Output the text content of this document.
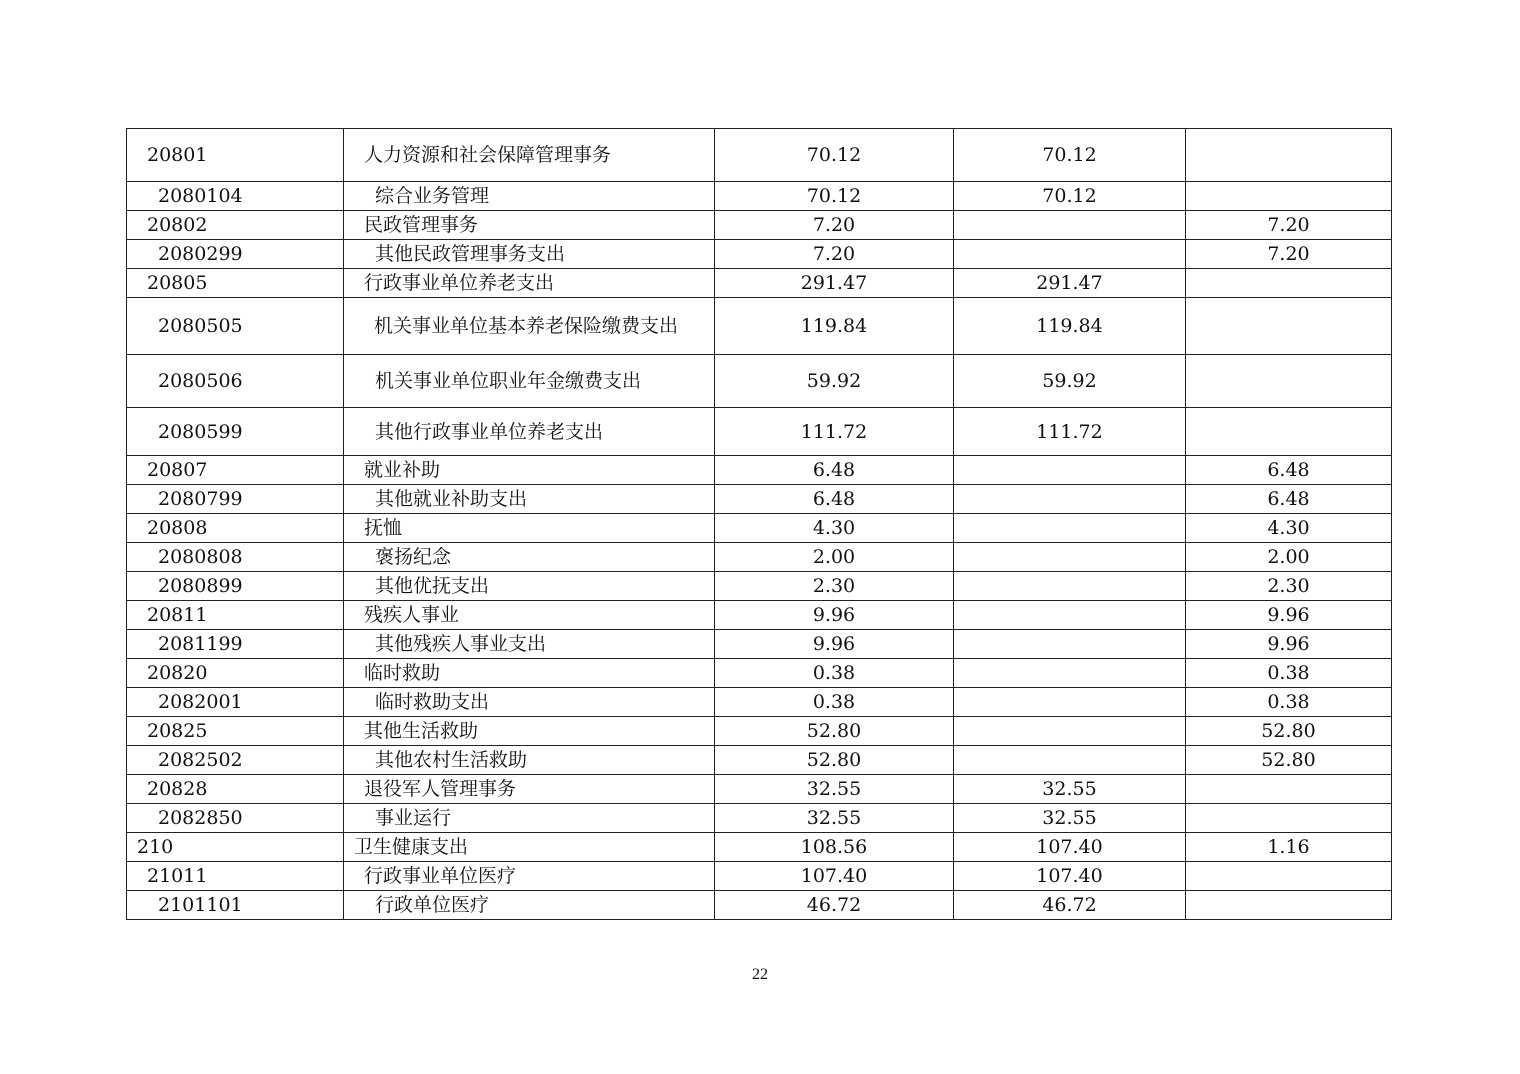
20801	人力资源和社会保障管理事务	70.12	70.12	
2080104	综合业务管理	70.12	70.12	
20802	民政管理事务	7.20		7.20
2080299	其他民政管理事务支出	7.20		7.20
20805	行政事业单位养老支出	291.47	291.47	
2080505	机关事业单位基本养老保险缴费支出	119.84	119.84	
2080506	机关事业单位职业年金缴费支出	59.92	59.92	
2080599	其他行政事业单位养老支出	111.72	111.72	
20807	就业补助	6.48		6.48
2080799	其他就业补助支出	6.48		6.48
20808	抚恤	4.30		4.30
2080808	褒扬纪念	2.00		2.00
2080899	其他优抚支出	2.30		2.30
20811	残疾人事业	9.96		9.96
2081199	其他残疾人事业支出	9.96		9.96
20820	临时救助	0.38		0.38
2082001	临时救助支出	0.38		0.38
20825	其他生活救助	52.80		52.80
2082502	其他农村生活救助	52.80		52.80
20828	退役军人管理事务	32.55	32.55	
2082850	事业运行	32.55	32.55	
210	卫生健康支出	108.56	107.40	1.16
21011	行政事业单位医疗	107.40	107.40	
2101101	行政单位医疗	46.72	46.72	
22
